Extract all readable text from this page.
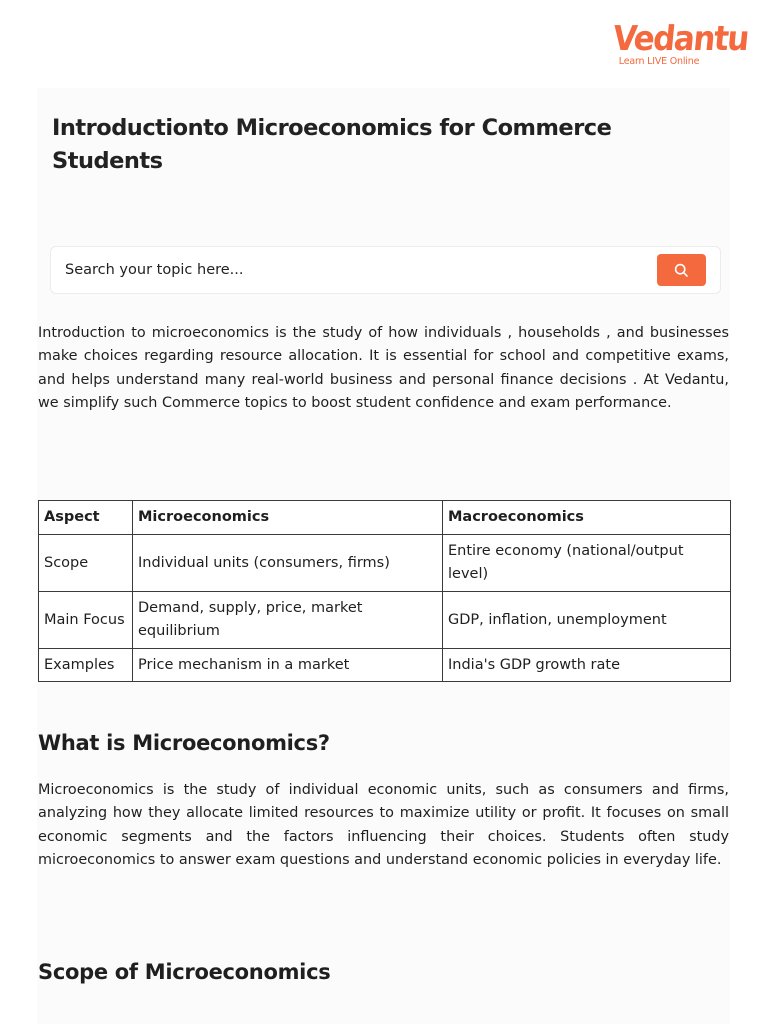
Vedantu
Learn LIVE Online
Introductionto Microeconomics for Commerce Students
Search your topic here...

Introduction to microeconomics is the study of how individuals , households , and businesses make choices regarding resource allocation. It is essential for school and competitive exams, and helps understand many real-world business and personal finance decisions . At Vedantu, we simplify such Commerce topics to boost student confidence and exam performance.

Aspect	Microeconomics	Macroeconomics
Scope	Individual units (consumers, firms)	Entire economy (national/output level)
Main Focus	Demand, supply, price, market equilibrium	GDP, inflation, unemployment
Examples	Price mechanism in a market	India's GDP growth rate
What is Microeconomics?

Microeconomics is the study of individual economic units, such as consumers and firms, analyzing how they allocate limited resources to maximize utility or profit. It focuses on small economic segments and the factors influencing their choices. Students often study microeconomics to answer exam questions and understand economic policies in everyday life.

Scope of Microeconomics
